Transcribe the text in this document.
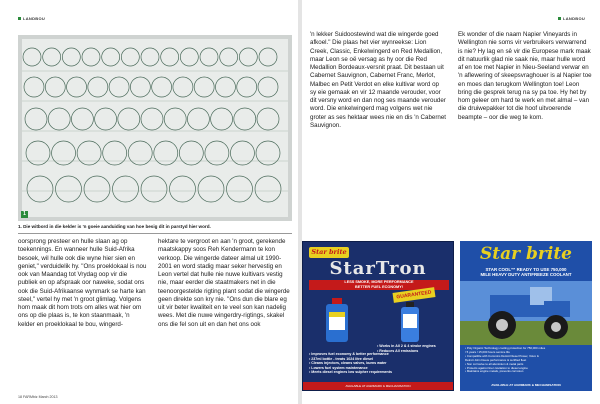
LANDBOU
1
1. Die witbord in die kelder is 'n goeie aanduiding van hoe besig dit in parstyd hier word.

oorsprong presteer en hulle slaan ag op toekennings. En wanneer hulle Suid-Afrika besoek, wil hulle ook die wyne hier sien en geniet," verduidelik hy. "Ons proeklokaal is nou ook van Maandag tot Vrydag oop vir die publiek en op afspraak oor naweke, sodat ons ook die Suid-Afrikaanse wynmark se harte kan steel," vertel hy met 'n groot glimlag. Volgens hom maak dit hom trots om alles wat hier om ons op die plaas is, te kon staanmaak, 'n kelder en proeklokaal te bou, wingerd-

hektare te vergroot en aan 'n groot, gerekende maatskappy soos Reh Kendermann te kon verkoop. Die wingerde dateer almal uit 1990-2001 en word stadig maar seker hervestig en Leon vertel dat hulle nie nuwe kultivars vestig nie, maar eerder die staatmakers net in die teenoorgestelde rigting plant sodat die wingerde geen direkte son kry nie. "Ons dun die blare eg uit vir beter kwaliteit en te veel son kan nadelig wees. Met die nuwe wingerdry-rigtings, skakel ons die fel son uit en dan het ons ook

18 FARMbiz March 2013
LANDBOU

'n lekker Suidoostewind wat die wingerde goed afkoel." Die plaas het vier wynreekse: Lion Creek, Classic, Enkelwingerd en Red Medallion, maar Leon se oë versag as hy oor die Red Medallion Bordeaux-versnit praat. Dit bestaan uit Cabernet Sauvignon, Cabernet Franc, Merlot, Malbec en Petit Verdot en elke kultivar word op sy eie gemaak en vir 12 maande verouder, voor dit versny word en dan nog ses maande verouder word. Die enkelwingerd mag volgens wet nie groter as ses hektaar wees nie en dis 'n Cabernet Sauvignon.

Ek wonder of die naam Napier Vineyards in Wellington nie soms vir verbruikers verwarrend is nie? Hy lag en sê vir die Europese mark maak dit natuurlik glad nie saak nie, maar hulle word af en toe met Napier in Nieu-Seeland verwar en 'n aflewering of skeepsvraghouer is al Napier toe en moes dan terugkom Wellington toe! Leon bring die gesprek terug na sy pa toe. Hy het by hom geleer om hard te werk en met almal – van die druiwepakker tot die hoof uitvoerende beampte – oor die weg te kom.

Star brite
StarTron
LESS SMOKE, MORE PERFORMANCE
BETTER FUEL ECONOMY!
GUARANTEED
• Works in All 2 & 4 stroke engines
• Reduces All emissions
• Improves fuel economy & better performance
• 237ml bottle - treats 1024 litre diesel
• Cleans injectors, cleans valves, burns water
• Lowers fuel system maintenance
• Meets diesel engines low sulpher requirements
AVAILABLE AT AGRIMARK & MECHANISATION
Star brite
STAR COOL™ READY TO USE 750,000
MILE HEAVY DUTY ANTIFREEZE COOLANT
• Poly Organic Technology cooling protection for 750,000 miles
/ 5 years / 15,000 hours service life
• Compatible with Cummins Detroit Diesel Power, Volvo &
Detroit John Deere performance & certified fleet
• Non corrosive to all aluminium & metal parts
• Protects against liner cavitation to diesel engine
• Maintains engine metals, prevents corrosion
AVAILABLE AT AGRIMARK & MECHANISATION
